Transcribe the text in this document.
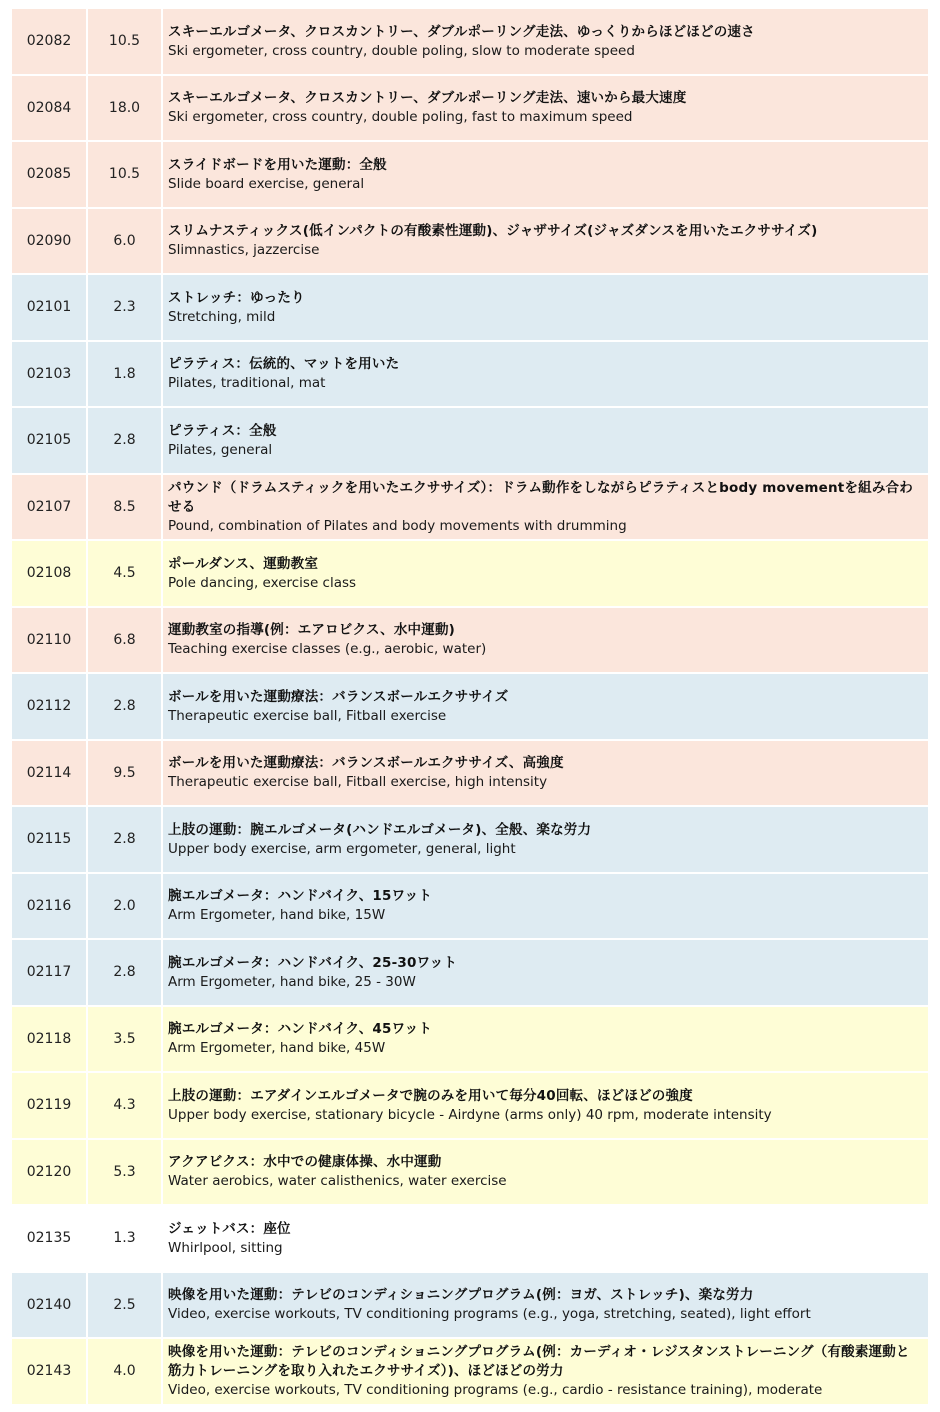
02082	10.5	スキーエルゴメータ、クロスカントリー、ダブルポーリング走法、ゆっくりからほどほどの速さ
Ski ergometer, cross country, double poling, slow to moderate speed

02084	18.0	スキーエルゴメータ、クロスカントリー、ダブルポーリング走法、速いから最大速度
Ski ergometer, cross country, double poling, fast to maximum speed

02085	10.5	スライドボードを用いた運動：全般
Slide board exercise, general

02090	6.0	スリムナスティックス(低インパクトの有酸素性運動)、ジャザサイズ(ジャズダンスを用いたエクササイズ)
Slimnastics, jazzercise

02101	2.3	ストレッチ：ゆったり
Stretching, mild

02103	1.8	ピラティス：伝統的、マットを用いた
Pilates, traditional, mat

02105	2.8	ピラティス：全般
Pilates, general

02107	8.5	パウンド（ドラムスティックを用いたエクササイズ）：ドラム動作をしながらピラティスとbody movementを組み合わせる
Pound, combination of Pilates and body movements with drumming

02108	4.5	ポールダンス、運動教室
Pole dancing, exercise class

02110	6.8	運動教室の指導(例：エアロビクス、水中運動)
Teaching exercise classes (e.g., aerobic, water)

02112	2.8	ボールを用いた運動療法：バランスボールエクササイズ
Therapeutic exercise ball, Fitball exercise

02114	9.5	ボールを用いた運動療法：バランスボールエクササイズ、高強度
Therapeutic exercise ball, Fitball exercise, high intensity

02115	2.8	上肢の運動：腕エルゴメータ(ハンドエルゴメータ)、全般、楽な労力
Upper body exercise, arm ergometer, general, light

02116	2.0	腕エルゴメータ：ハンドバイク、15ワット
Arm Ergometer, hand bike, 15W

02117	2.8	腕エルゴメータ：ハンドバイク、25-30ワット
Arm Ergometer, hand bike, 25 - 30W

02118	3.5	腕エルゴメータ：ハンドバイク、45ワット
Arm Ergometer, hand bike, 45W

02119	4.3	上肢の運動：エアダインエルゴメータで腕のみを用いて毎分40回転、ほどほどの強度
Upper body exercise, stationary bicycle - Airdyne (arms only) 40 rpm, moderate intensity

02120	5.3	アクアビクス：水中での健康体操、水中運動
Water aerobics, water calisthenics, water exercise

02135	1.3	ジェットバス：座位
Whirlpool, sitting

02140	2.5	映像を用いた運動：テレビのコンディショニングプログラム(例：ヨガ、ストレッチ)、楽な労力
Video, exercise workouts, TV conditioning programs (e.g., yoga, stretching, seated), light effort

02143	4.0	映像を用いた運動：テレビのコンディショニングプログラム(例：カーディオ・レジスタンストレーニング（有酸素運動と筋力トレーニングを取り入れたエクササイズ）)、ほどほどの労力
Video, exercise workouts, TV conditioning programs (e.g., cardio - resistance training), moderate
